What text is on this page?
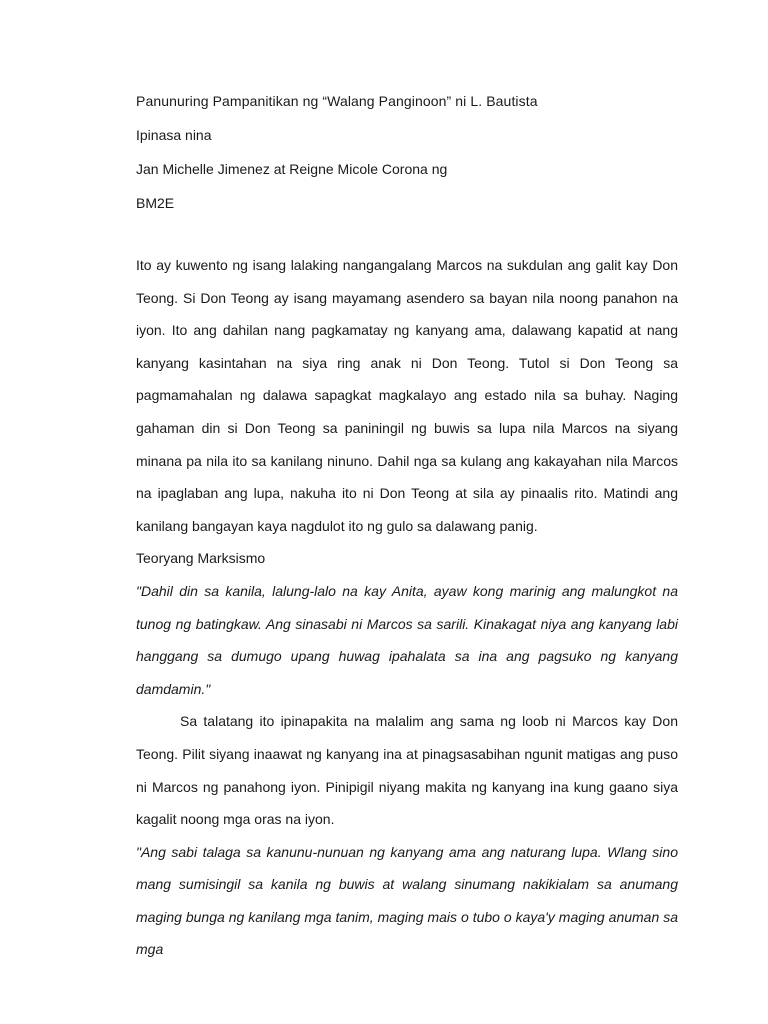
Panunuring Pampanitikan ng “Walang Panginoon” ni L. Bautista

Ipinasa nina

Jan Michelle Jimenez at Reigne Micole Corona ng

BM2E

Ito ay kuwento ng isang lalaking nangangalang Marcos na sukdulan ang galit kay Don Teong. Si Don Teong ay isang mayamang asendero sa bayan nila noong panahon na iyon. Ito ang dahilan nang pagkamatay ng kanyang ama, dalawang kapatid at nang kanyang kasintahan na siya ring anak ni Don Teong. Tutol si Don Teong sa pagmamahalan ng dalawa sapagkat magkalayo ang estado nila sa buhay. Naging gahaman din si Don Teong sa paniningil ng buwis sa lupa nila Marcos na siyang minana pa nila ito sa kanilang ninuno. Dahil nga sa kulang ang kakayahan nila Marcos na ipaglaban ang lupa, nakuha ito ni Don Teong at sila ay pinaalis rito. Matindi ang kanilang bangayan kaya nagdulot ito ng gulo sa dalawang panig.

Teoryang Marksismo

"Dahil din sa kanila, lalung-lalo na kay Anita, ayaw kong marinig ang malungkot na tunog ng batingkaw. Ang sinasabi ni Marcos sa sarili. Kinakagat niya ang kanyang labi hanggang sa dumugo upang huwag ipahalata sa ina ang pagsuko ng kanyang damdamin."

Sa talatang ito ipinapakita na malalim ang sama ng loob ni Marcos kay Don Teong. Pilit siyang inaawat ng kanyang ina at pinagsasabihan ngunit matigas ang puso ni Marcos ng panahong iyon. Pinipigil niyang makita ng kanyang ina kung gaano siya kagalit noong mga oras na iyon.

"Ang sabi talaga sa kanunu-nunuan ng kanyang ama ang naturang lupa. Wlang sino mang sumisingil sa kanila ng buwis at walang sinumang nakikialam sa anumang maging bunga ng kanilang mga tanim, maging mais o tubo o kaya'y maging anuman sa mga
